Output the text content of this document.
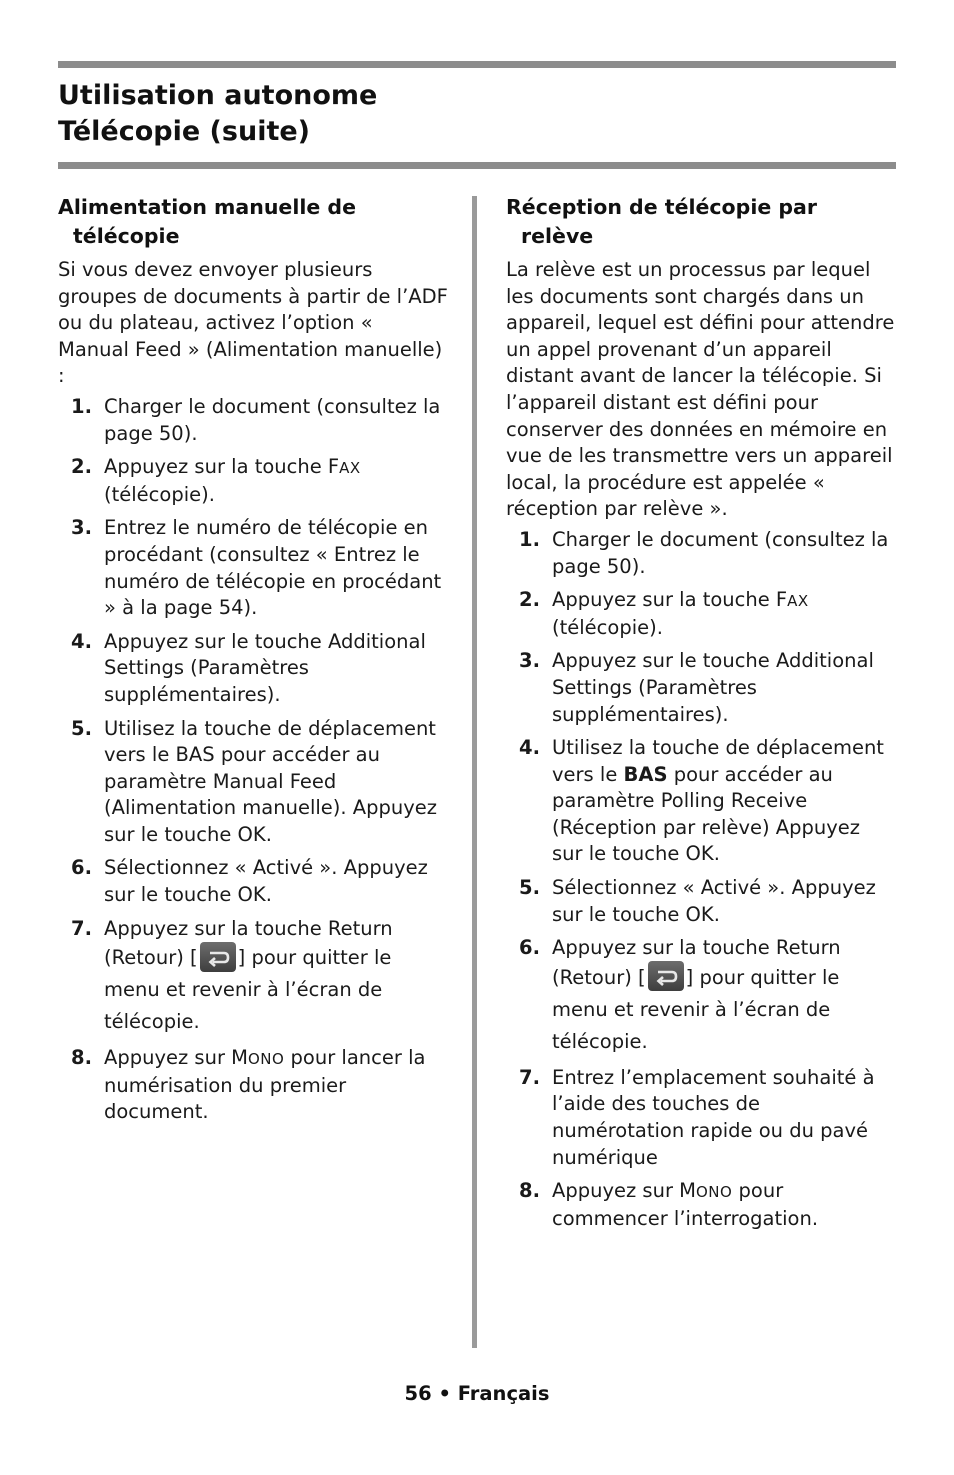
Utilisation autonome
Télécopie (suite)
Alimentation manuelle de télécopie

Si vous devez envoyer plusieurs groupes de documents à partir de l’ADF ou du plateau, activez l’option « Manual Feed » (Alimentation manuelle) :

1. Charger le document (consultez la page 50).
2. Appuyez sur la touche FAX
(télécopie).
3. Entrez le numéro de télécopie en procédant (consultez « Entrez le numéro de télécopie en procédant » à la page 54).
4. Appuyez sur le touche Additional Settings (Paramètres supplémentaires).
5. Utilisez la touche de déplacement vers le BAS pour accéder au paramètre Manual Feed (Alimentation manuelle). Appuyez sur le touche OK.
6. Sélectionnez « Activé ». Appuyez sur le touche OK.
7. Appuyez sur la touche Return
(Retour) [ ] pour quitter le menu et revenir à l’écran de télécopie.
8. Appuyez sur MONO pour lancer la numérisation du premier document.
Réception de télécopie par relève

La relève est un processus par lequel les documents sont chargés dans un appareil, lequel est défini pour attendre un appel provenant d’un appareil distant avant de lancer la télécopie. Si l’appareil distant est défini pour conserver des données en mémoire en vue de les transmettre vers un appareil local, la procédure est appelée « réception par relève ».

1. Charger le document (consultez la page 50).
2. Appuyez sur la touche FAX
(télécopie).
3. Appuyez sur le touche Additional Settings (Paramètres supplémentaires).
4. Utilisez la touche de déplacement vers le BAS pour accéder au paramètre Polling Receive (Réception par relève) Appuyez sur le touche OK.
5. Sélectionnez « Activé ». Appuyez sur le touche OK.
6. Appuyez sur la touche Return
(Retour) [ ] pour quitter le menu et revenir à l’écran de télécopie.
7. Entrez l’emplacement souhaité à l’aide des touches de numérotation rapide ou du pavé numérique
8. Appuyez sur MONO pour commencer l’interrogation.
56 • Français
